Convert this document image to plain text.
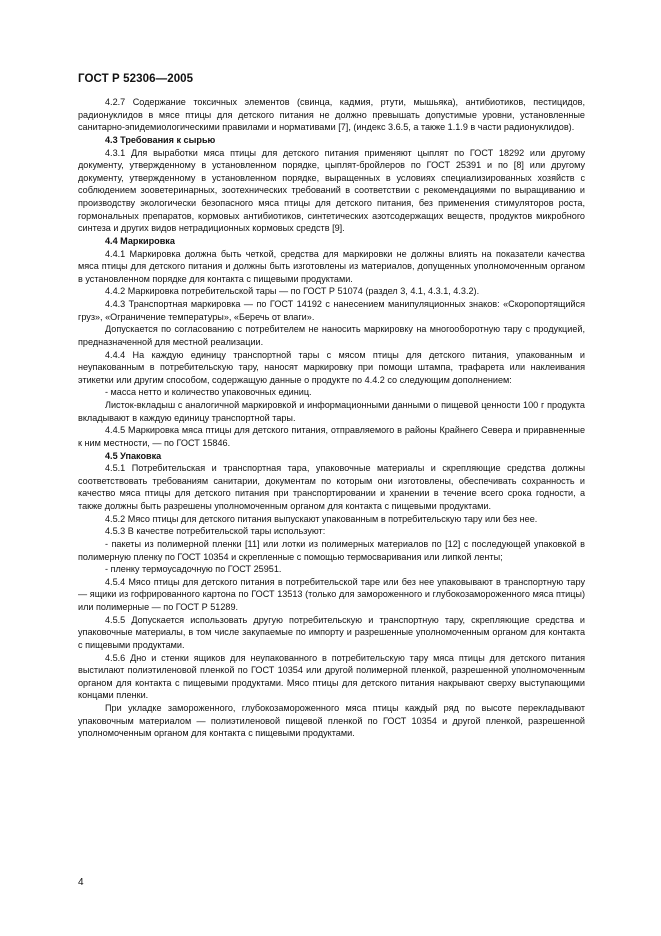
ГОСТ Р 52306—2005

4.2.7 Содержание токсичных элементов (свинца, кадмия, ртути, мышьяка), антибиотиков, пестицидов, радионуклидов в мясе птицы для детского питания не должно превышать допустимые уровни, установленные санитарно-эпидемиологическими правилами и нормативами [7], (индекс 3.6.5, а также 1.1.9 в части радионуклидов).

4.3 Требования к сырью

4.3.1 Для выработки мяса птицы для детского питания применяют цыплят по ГОСТ 18292 или другому документу, утвержденному в установленном порядке, цыплят-бройлеров по ГОСТ 25391 и по [8] или другому документу, утвержденному в установленном порядке, выращенных в условиях специализированных хозяйств с соблюдением зооветеринарных, зоотехнических требований в соответствии с рекомендациями по выращиванию и производству экологически безопасного мяса птицы для детского питания, без применения стимуляторов роста, гормональных препаратов, кормовых антибиотиков, синтетических азотсодержащих веществ, продуктов микробного синтеза и других видов нетрадиционных кормовых средств [9].

4.4 Маркировка

4.4.1 Маркировка должна быть четкой, средства для маркировки не должны влиять на показатели качества мяса птицы для детского питания и должны быть изготовлены из материалов, допущенных уполномоченным органом в установленном порядке для контакта с пищевыми продуктами.

4.4.2 Маркировка потребительской тары — по ГОСТ Р 51074 (раздел 3, 4.1, 4.3.1, 4.3.2).

4.4.3 Транспортная маркировка — по ГОСТ 14192 с нанесением манипуляционных знаков: «Скоропортящийся груз», «Ограничение температуры», «Беречь от влаги».

Допускается по согласованию с потребителем не наносить маркировку на многооборотную тару с продукцией, предназначенной для местной реализации.

4.4.4 На каждую единицу транспортной тары с мясом птицы для детского питания, упакованным и неупакованным в потребительскую тару, наносят маркировку при помощи штампа, трафарета или наклеивания этикетки или другим способом, содержащую данные о продукте по 4.4.2 со следующим дополнением:

- масса нетто и количество упаковочных единиц.

Листок-вкладыш с аналогичной маркировкой и информационными данными о пищевой ценности 100 г продукта вкладывают в каждую единицу транспортной тары.

4.4.5 Маркировка мяса птицы для детского питания, отправляемого в районы Крайнего Севера и приравненные к ним местности, — по ГОСТ 15846.

4.5 Упаковка

4.5.1 Потребительская и транспортная тара, упаковочные материалы и скрепляющие средства должны соответствовать требованиям санитарии, документам по которым они изготовлены, обеспечивать сохранность и качество мяса птицы для детского питания при транспортировании и хранении в течение всего срока годности, а также должны быть разрешены уполномоченным органом для контакта с пищевыми продуктами.

4.5.2 Мясо птицы для детского питания выпускают упакованным в потребительскую тару или без нее.

4.5.3 В качестве потребительской тары используют:

- пакеты из полимерной пленки [11] или лотки из полимерных материалов по [12] с последующей упаковкой в полимерную пленку по ГОСТ 10354 и скрепленные с помощью термосваривания или липкой ленты;

- пленку термоусадочную по ГОСТ 25951.

4.5.4 Мясо птицы для детского питания в потребительской таре или без нее упаковывают в транспортную тару — ящики из гофрированного картона по ГОСТ 13513 (только для замороженного и глубокозамороженного мяса птицы) или полимерные — по ГОСТ Р 51289.

4.5.5 Допускается использовать другую потребительскую и транспортную тару, скрепляющие средства и упаковочные материалы, в том числе закупаемые по импорту и разрешенные уполномоченным органом для контакта с пищевыми продуктами.

4.5.6 Дно и стенки ящиков для неупакованного в потребительскую тару мяса птицы для детского питания выстилают полиэтиленовой пленкой по ГОСТ 10354 или другой полимерной пленкой, разрешенной уполномоченным органом для контакта с пищевыми продуктами. Мясо птицы для детского питания накрывают сверху выступающими концами пленки.

При укладке замороженного, глубокозамороженного мяса птицы каждый ряд по высоте перекладывают упаковочным материалом — полиэтиленовой пищевой пленкой по ГОСТ 10354 и другой пленкой, разрешенной уполномоченным органом для контакта с пищевыми продуктами.

4
